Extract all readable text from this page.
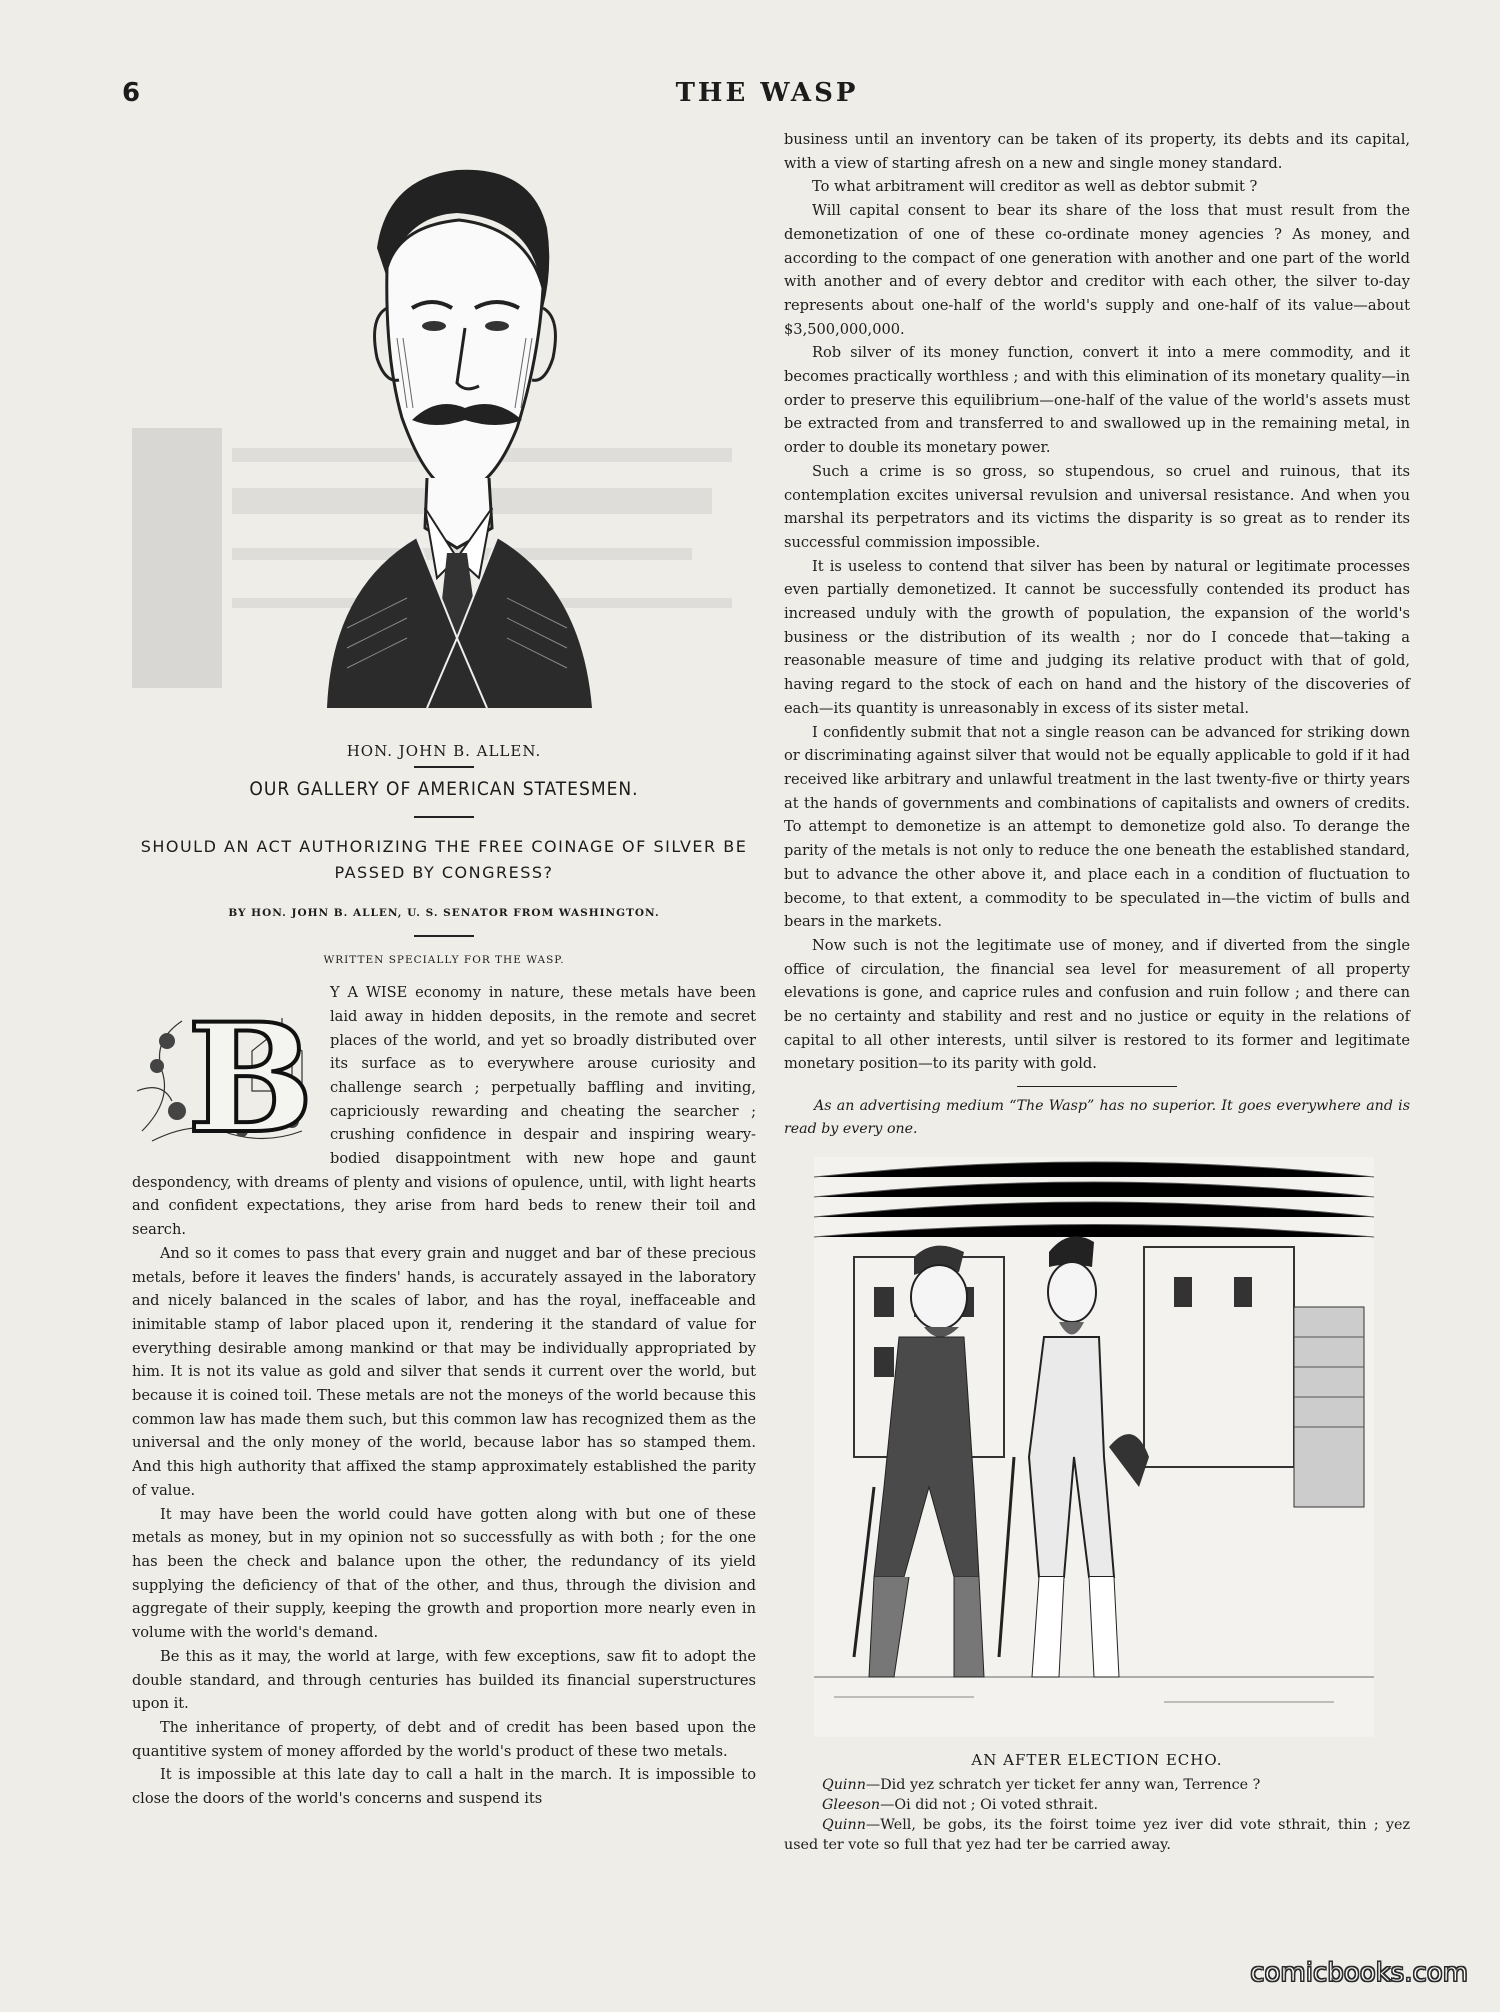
6	THE WASP
HON. JOHN B. ALLEN.
OUR GALLERY OF AMERICAN STATESMEN.
SHOULD AN ACT AUTHORIZING THE FREE COINAGE OF SILVER BE PASSED BY CONGRESS?
BY HON. JOHN B. ALLEN, U. S. SENATOR FROM WASHINGTON.
WRITTEN SPECIALLY FOR THE WASP.
B	Y A WISE economy in nature, these metals have been laid away in hidden deposits, in the remote and secret places of the world, and yet so broadly distributed over its surface as to everywhere arouse curiosity and challenge search ; perpetually baffling and inviting, capriciously rewarding and cheating the searcher ; crushing confidence in despair and inspiring weary-bodied disappointment with new hope and gaunt despondency, with dreams of plenty and visions of opulence, until, with light hearts and confident expectations, they arise from hard beds to renew their toil and search.

And so it comes to pass that every grain and nugget and bar of these precious metals, before it leaves the finders' hands, is accurately assayed in the laboratory and nicely balanced in the scales of labor, and has the royal, ineffaceable and inimitable stamp of labor placed upon it, rendering it the standard of value for everything desirable among mankind or that may be individually appropriated by him. It is not its value as gold and silver that sends it current over the world, but because it is coined toil. These metals are not the moneys of the world because this common law has made them such, but this common law has recognized them as the universal and the only money of the world, because labor has so stamped them. And this high authority that affixed the stamp approximately established the parity of value.

It may have been the world could have gotten along with but one of these metals as money, but in my opinion not so successfully as with both ; for the one has been the check and balance upon the other, the redundancy of its yield supplying the deficiency of that of the other, and thus, through the division and aggregate of their supply, keeping the growth and proportion more nearly even in volume with the world's demand.

Be this as it may, the world at large, with few exceptions, saw fit to adopt the double standard, and through centuries has builded its financial superstructures upon it.

The inheritance of property, of debt and of credit has been based upon the quantitive system of money afforded by the world's product of these two metals.

It is impossible at this late day to call a halt in the march. It is impossible to close the doors of the world's concerns and suspend its

business until an inventory can be taken of its property, its debts and its capital, with a view of starting afresh on a new and single money standard.

To what arbitrament will creditor as well as debtor submit ?

Will capital consent to bear its share of the loss that must result from the demonetization of one of these co-ordinate money agencies ? As money, and according to the compact of one generation with another and one part of the world with another and of every debtor and creditor with each other, the silver to-day represents about one-half of the world's supply and one-half of its value—about $3,500,000,000.

Rob silver of its money function, convert it into a mere commodity, and it becomes practically worthless ; and with this elimination of its monetary quality—in order to preserve this equilibrium—one-half of the value of the world's assets must be extracted from and transferred to and swallowed up in the remaining metal, in order to double its monetary power.

Such a crime is so gross, so stupendous, so cruel and ruinous, that its contemplation excites universal revulsion and universal resistance. And when you marshal its perpetrators and its victims the disparity is so great as to render its successful commission impossible.

It is useless to contend that silver has been by natural or legitimate processes even partially demonetized. It cannot be successfully contended its product has increased unduly with the growth of population, the expansion of the world's business or the distribution of its wealth ; nor do I concede that—taking a reasonable measure of time and judging its relative product with that of gold, having regard to the stock of each on hand and the history of the discoveries of each—its quantity is unreasonably in excess of its sister metal.

I confidently submit that not a single reason can be advanced for striking down or discriminating against silver that would not be equally applicable to gold if it had received like arbitrary and unlawful treatment in the last twenty-five or thirty years at the hands of governments and combinations of capitalists and owners of credits. To attempt to demonetize is an attempt to demonetize gold also. To derange the parity of the metals is not only to reduce the one beneath the established standard, but to advance the other above it, and place each in a condition of fluctuation to become, to that extent, a commodity to be speculated in—the victim of bulls and bears in the markets.

Now such is not the legitimate use of money, and if diverted from the single office of circulation, the financial sea level for measurement of all property elevations is gone, and caprice rules and confusion and ruin follow ; and there can be no certainty and stability and rest and no justice or equity in the relations of capital to all other interests, until silver is restored to its former and legitimate monetary position—to its parity with gold.

As an advertising medium “The Wasp” has no superior. It goes everywhere and is read by every one.

AN AFTER ELECTION ECHO.
Quinn—Did yez schratch yer ticket fer anny wan, Terrence ?
Gleeson—Oi did not ; Oi voted sthrait.
Quinn—Well, be gobs, its the foirst toime yez iver did vote sthrait, thin ; yez used ter vote so full that yez had ter be carried away.
comicbooks.com
